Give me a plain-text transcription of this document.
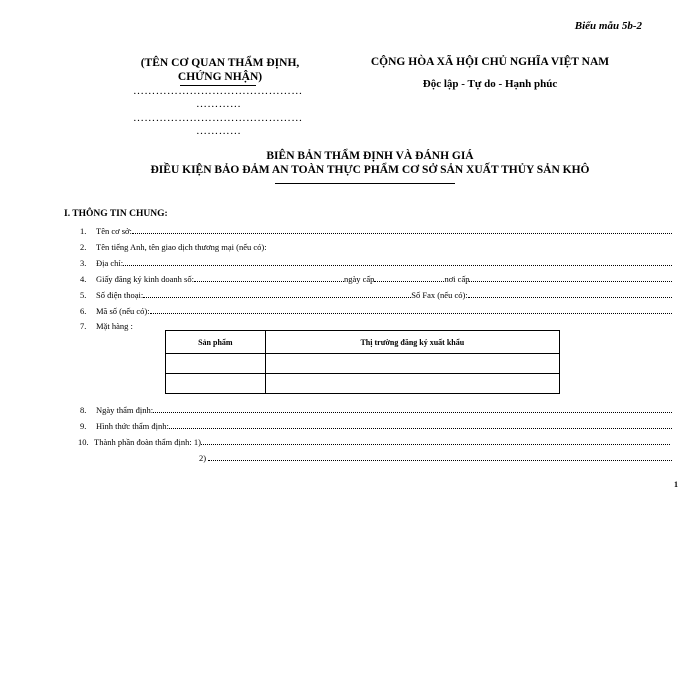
Biểu mẫu 5b-2
(TÊN CƠ QUAN THẨM ĐỊNH, CHỨNG NHẬN)
………………………………………
…………
………………………………………
…………
CỘNG HÒA XÃ HỘI CHỦ NGHĨA VIỆT NAM
Độc lập - Tự do - Hạnh phúc
BIÊN BẢN THẨM ĐỊNH VÀ ĐÁNH GIÁ
ĐIỀU KIỆN BẢO ĐẢM AN TOÀN THỰC PHẨM CƠ SỞ SẢN XUẤT THỦY SẢN KHÔ
I. THÔNG TIN CHUNG:
1.	Tên cơ sở:
2.	Tên tiếng Anh, tên giao dịch thương mại (nếu có):
3.	Địa chỉ:
4.	Giấy đăng ký kinh doanh số:	ngày cấp	nơi cấp
5.	Số điện thoại:	Số Fax (nếu có):
6.	Mã số (nếu có):
7.	Mặt hàng :
Sản phẩm	Thị trường đăng ký xuất khẩu

8.	Ngày thẩm định:
9.	Hình thức thẩm định:
10. Thành phần đoàn thẩm định: 1)
2)
1
